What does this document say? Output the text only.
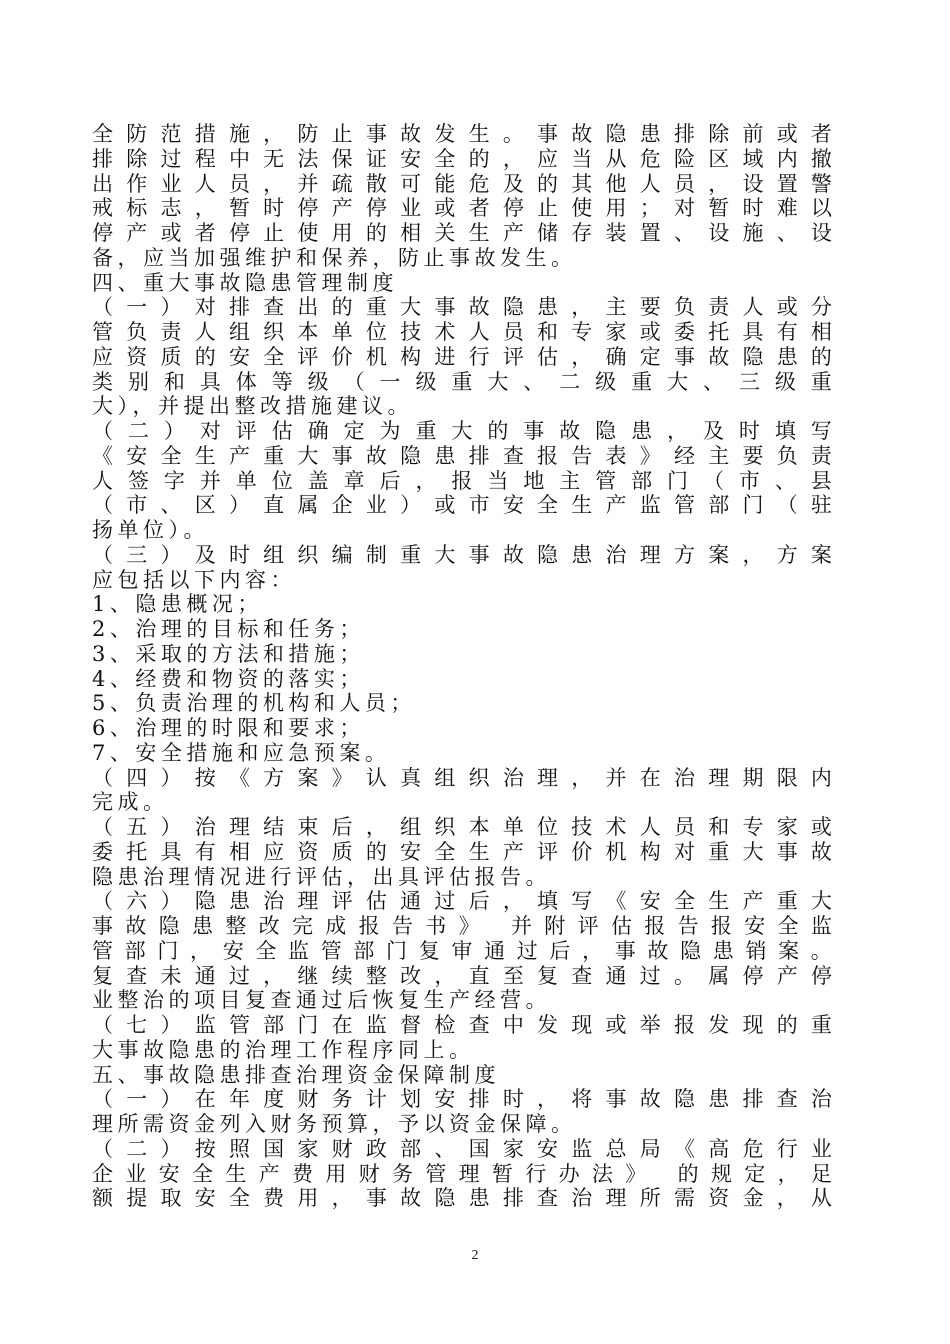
全 防 范 措 施 ， 防 止 事 故 发 生 。 事 故 隐 患 排 除 前 或 者
排 除 过 程 中 无 法 保 证 安 全 的 ， 应 当 从 危 险 区 域 内 撤
出 作 业 人 员 ， 并 疏 散 可 能 危 及 的 其 他 人 员 ， 设 置 警
戒 标 志 ， 暂 时 停 产 停 业 或 者 停 止 使 用 ； 对 暂 时 难 以
停 产 或 者 停 止 使 用 的 相 关 生 产 储 存 装 置 、 设 施 、 设
备，应当加强维护和保养，防止事故发生。
四、重大事故隐患管理制度
（ 一 ） 对 排 查 出 的 重 大 事 故 隐 患 ， 主 要 负 责 人 或 分
管 负 责 人 组 织 本 单 位 技 术 人 员 和 专 家 或 委 托 具 有 相
应 资 质 的 安 全 评 价 机 构 进 行 评 估 ， 确 定 事 故 隐 患 的
类 别 和 具 体 等 级 （ 一 级 重 大 、 二 级 重 大 、 三 级 重
大），并提出整改措施建议。
（ 二 ） 对 评 估 确 定 为 重 大 的 事 故 隐 患 ， 及 时 填 写
《 安 全 生 产 重 大 事 故 隐 患 排 查 报 告 表 》 经 主 要 负 责
人 签 字 并 单 位 盖 章 后 ， 报 当 地 主 管 部 门 （ 市 、 县
（ 市 、 区 ） 直 属 企 业 ） 或 市 安 全 生 产 监 管 部 门 （ 驻
扬单位）。
（ 三 ） 及 时 组 织 编 制 重 大 事 故 隐 患 治 理 方 案 ， 方 案
应包括以下内容：
1、隐患概况；
2、治理的目标和任务；
3、采取的方法和措施；
4、经费和物资的落实；
5、负责治理的机构和人员；
6、治理的时限和要求；
7、安全措施和应急预案。
（ 四 ） 按 《 方 案 》 认 真 组 织 治 理 ， 并 在 治 理 期 限 内
完成。
（ 五 ） 治 理 结 束 后 ， 组 织 本 单 位 技 术 人 员 和 专 家 或
委 托 具 有 相 应 资 质 的 安 全 生 产 评 价 机 构 对 重 大 事 故
隐患治理情况进行评估，出具评估报告。
（ 六 ） 隐 患 治 理 评 估 通 过 后 ， 填 写 《 安 全 生 产 重 大
事 故 隐 患 整 改 完 成 报 告 书 》
并 附 评 估 报 告 报 安 全 监
管 部 门 ， 安 全 监 管 部 门 复 审 通 过 后 ， 事 故 隐 患 销 案 。
复 查 未 通 过 ， 继 续 整 改 ， 直 至 复 查 通 过 。 属 停 产 停
业整治的项目复查通过后恢复生产经营。
（ 七 ） 监 管 部 门 在 监 督 检 查 中 发 现 或 举 报 发 现 的 重
大事故隐患的治理工作程序同上。
五、事故隐患排查治理资金保障制度
（ 一 ） 在 年 度 财 务 计 划 安 排 时 ， 将 事 故 隐 患 排 查 治
理所需资金列入财务预算，予以资金保障。
（ 二 ） 按 照 国 家 财 政 部 、 国 家 安 监 总 局 《 高 危 行 业
企 业 安 全 生 产 费 用 财 务 管 理 暂 行 办 法 》
的 规 定 ， 足
额 提 取 安 全 费 用 ， 事 故 隐 患 排 查 治 理 所 需 资 金 ， 从
2
